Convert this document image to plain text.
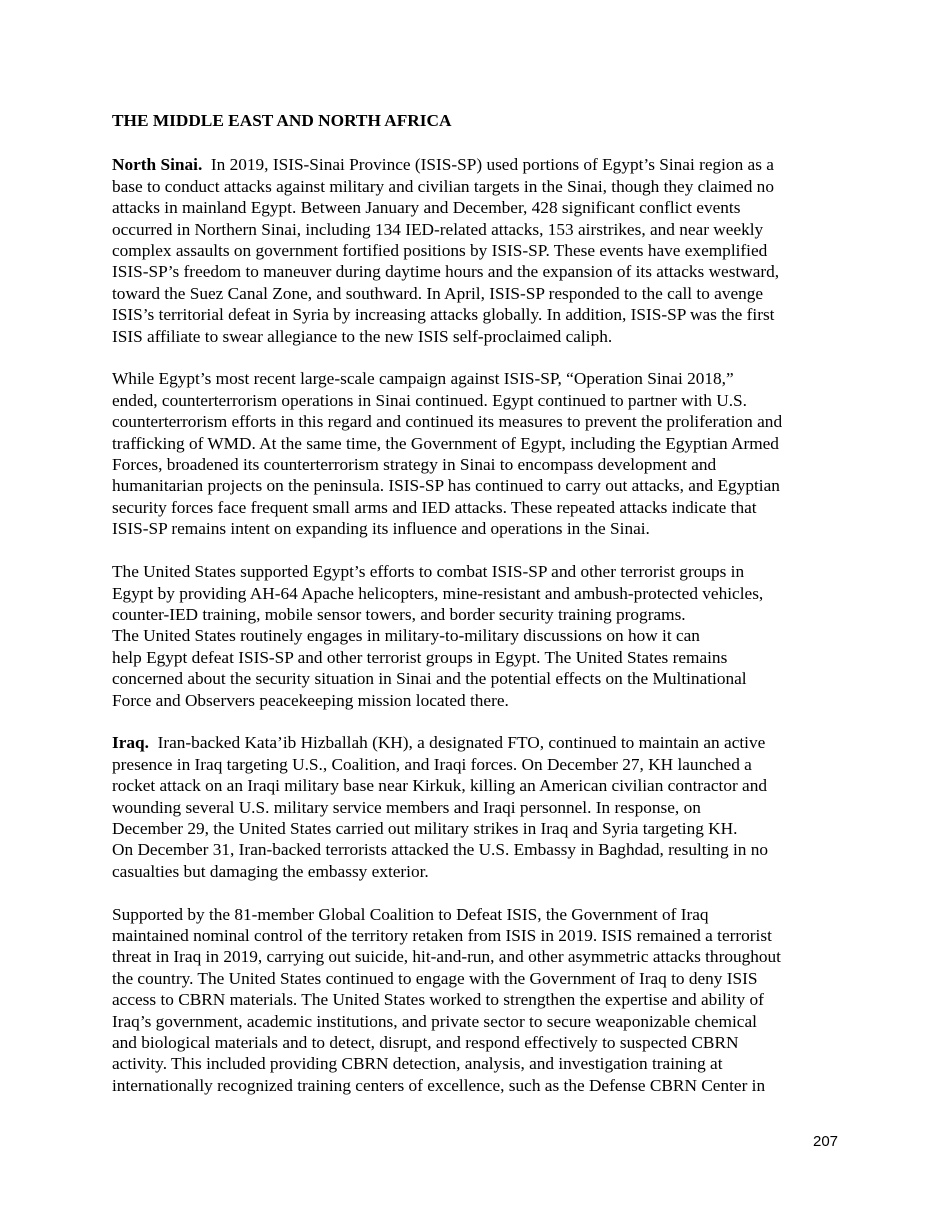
THE MIDDLE EAST AND NORTH AFRICA

North Sinai. In 2019, ISIS-Sinai Province (ISIS-SP) used portions of Egypt’s Sinai region as a
base to conduct attacks against military and civilian targets in the Sinai, though they claimed no
attacks in mainland Egypt. Between January and December, 428 significant conflict events
occurred in Northern Sinai, including 134 IED-related attacks, 153 airstrikes, and near weekly
complex assaults on government fortified positions by ISIS-SP. These events have exemplified
ISIS-SP’s freedom to maneuver during daytime hours and the expansion of its attacks westward,
toward the Suez Canal Zone, and southward. In April, ISIS-SP responded to the call to avenge
ISIS’s territorial defeat in Syria by increasing attacks globally. In addition, ISIS-SP was the first
ISIS affiliate to swear allegiance to the new ISIS self-proclaimed caliph.

While Egypt’s most recent large-scale campaign against ISIS-SP, “Operation Sinai 2018,”
ended, counterterrorism operations in Sinai continued. Egypt continued to partner with U.S.
counterterrorism efforts in this regard and continued its measures to prevent the proliferation and
trafficking of WMD. At the same time, the Government of Egypt, including the Egyptian Armed
Forces, broadened its counterterrorism strategy in Sinai to encompass development and
humanitarian projects on the peninsula. ISIS-SP has continued to carry out attacks, and Egyptian
security forces face frequent small arms and IED attacks. These repeated attacks indicate that
ISIS-SP remains intent on expanding its influence and operations in the Sinai.

The United States supported Egypt’s efforts to combat ISIS-SP and other terrorist groups in
Egypt by providing AH-64 Apache helicopters, mine-resistant and ambush-protected vehicles,
counter-IED training, mobile sensor towers, and border security training programs.
The United States routinely engages in military-to-military discussions on how it can
help Egypt defeat ISIS-SP and other terrorist groups in Egypt. The United States remains
concerned about the security situation in Sinai and the potential effects on the Multinational
Force and Observers peacekeeping mission located there.

Iraq. Iran-backed Kata’ib Hizballah (KH), a designated FTO, continued to maintain an active
presence in Iraq targeting U.S., Coalition, and Iraqi forces. On December 27, KH launched a
rocket attack on an Iraqi military base near Kirkuk, killing an American civilian contractor and
wounding several U.S. military service members and Iraqi personnel. In response, on
December 29, the United States carried out military strikes in Iraq and Syria targeting KH.
On December 31, Iran-backed terrorists attacked the U.S. Embassy in Baghdad, resulting in no
casualties but damaging the embassy exterior.

Supported by the 81-member Global Coalition to Defeat ISIS, the Government of Iraq
maintained nominal control of the territory retaken from ISIS in 2019. ISIS remained a terrorist
threat in Iraq in 2019, carrying out suicide, hit-and-run, and other asymmetric attacks throughout
the country. The United States continued to engage with the Government of Iraq to deny ISIS
access to CBRN materials. The United States worked to strengthen the expertise and ability of
Iraq’s government, academic institutions, and private sector to secure weaponizable chemical
and biological materials and to detect, disrupt, and respond effectively to suspected CBRN
activity. This included providing CBRN detection, analysis, and investigation training at
internationally recognized training centers of excellence, such as the Defense CBRN Center in

207
